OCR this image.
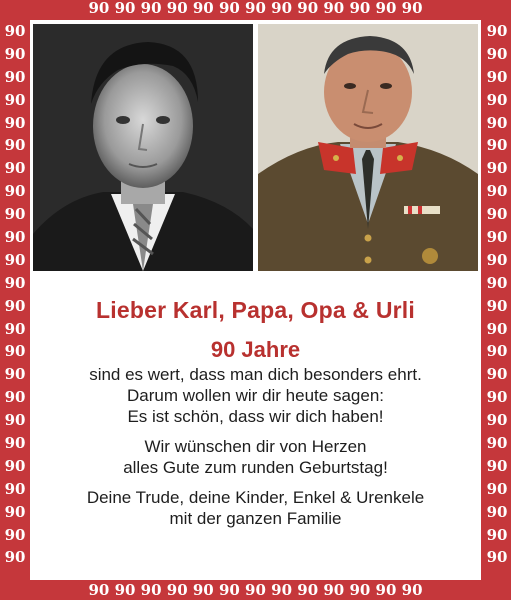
90 90 90 90 90 90 90 90 90 90 90 90 90
90 90 90 90 90 90 90 90 90 90 90 90 90
90
90
90
90
90
90
90
90
90
90
90
90
90
90
90
90
90
90
90
90
90
90
90
90
90
90
90
90
90
90
90
90
90
90
90
90
90
90
90
90
90
90
90
90
90
90
90
90
Lieber Karl, Papa, Opa & Urli
90 Jahre
sind es wert, dass man dich besonders ehrt.
Darum wollen wir dir heute sagen:
Es ist schön, dass wir dich haben!
Wir wünschen dir von Herzen
alles Gute zum runden Geburtstag!
Deine Trude, deine Kinder, Enkel & Urenkele
mit der ganzen Familie
